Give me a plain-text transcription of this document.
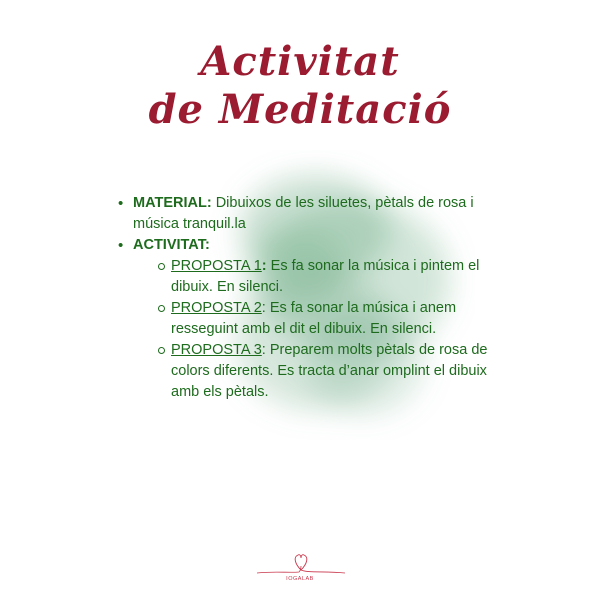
Activitat
de Meditació
• MATERIAL: Dibuixos de les siluetes, pètals de rosa i música tranquil.la
• ACTIVITAT:
PROPOSTA 1: Es fa sonar la música i pintem el dibuix. En silenci.
PROPOSTA 2: Es fa sonar la música i anem resseguint amb el dit el dibuix. En silenci.
PROPOSTA 3: Preparem molts pètals de rosa de colors diferents. Es tracta d’anar omplint el dibuix amb els pètals.
IOGALAB
